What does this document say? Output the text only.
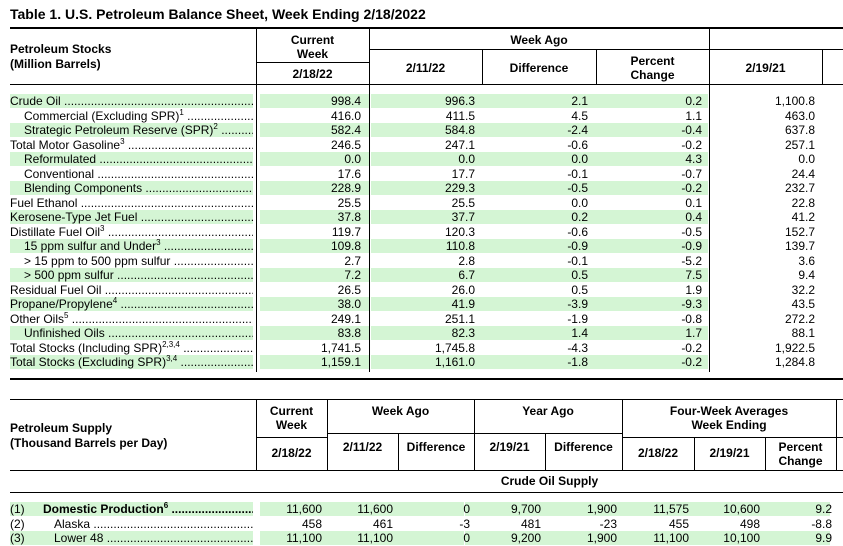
Table 1. U.S. Petroleum Balance Sheet, Week Ending 2/18/2022
Petroleum Stocks
(Million Barrels)
Current
Week
Week Ago
2/18/22	2/11/22	Difference	Percent
Change	2/19/21
Crude Oil .....	998.4	996.3	2.1	0.2	1,100.8
Commercial (Excluding SPR)$^1$ .....	416.0	411.5	4.5	1.1	463.0
Strategic Petroleum Reserve (SPR)$^2$ .....	582.4	584.8	-2.4	-0.4	637.8
Total Motor Gasoline$^3$ .....	246.5	247.1	-0.6	-0.2	257.1
Reformulated .....	0.0	0.0	0.0	4.3	0.0
Conventional .....	17.6	17.7	-0.1	-0.7	24.4
Blending Components .....	228.9	229.3	-0.5	-0.2	232.7
Fuel Ethanol .....	25.5	25.5	0.0	0.1	22.8
Kerosene-Type Jet Fuel .....	37.8	37.7	0.2	0.4	41.2
Distillate Fuel Oil$^3$ .....	119.7	120.3	-0.6	-0.5	152.7
15 ppm sulfur and Under$^3$ .....	109.8	110.8	-0.9	-0.9	139.7
> 15 ppm to 500 ppm sulfur .....	2.7	2.8	-0.1	-5.2	3.6
> 500 ppm sulfur .....	7.2	6.7	0.5	7.5	9.4
Residual Fuel Oil .....	26.5	26.0	0.5	1.9	32.2
Propane/Propylene$^4$ .....	38.0	41.9	-3.9	-9.3	43.5
Other Oils$^5$ .....	249.1	251.1	-1.9	-0.8	272.2
Unfinished Oils .....	83.8	82.3	1.4	1.7	88.1
Total Stocks (Including SPR)$^{2,3,4}$ .....	1,741.5	1,745.8	-4.3	-0.2	1,922.5
Total Stocks (Excluding SPR)$^{3,4}$ .....	1,159.1	1,161.0	-1.8	-0.2	1,284.8
Petroleum Supply
(Thousand Barrels per Day)
Current
Week
Week Ago	Year Ago	Four-Week Averages
Week Ending
2/18/22	2/11/22	Difference	2/19/21	Difference	2/18/22	2/19/21	Percent
Change
Crude Oil Supply
(1) Domestic Production$^6$ .....	11,600	11,600	0	9,700	1,900	11,575	10,600	9.2
(2) Alaska .....	458	461	-3	481	-23	455	498	-8.8
(3) Lower 48 .....	11,100	11,100	0	9,200	1,900	11,100	10,100	9.9
